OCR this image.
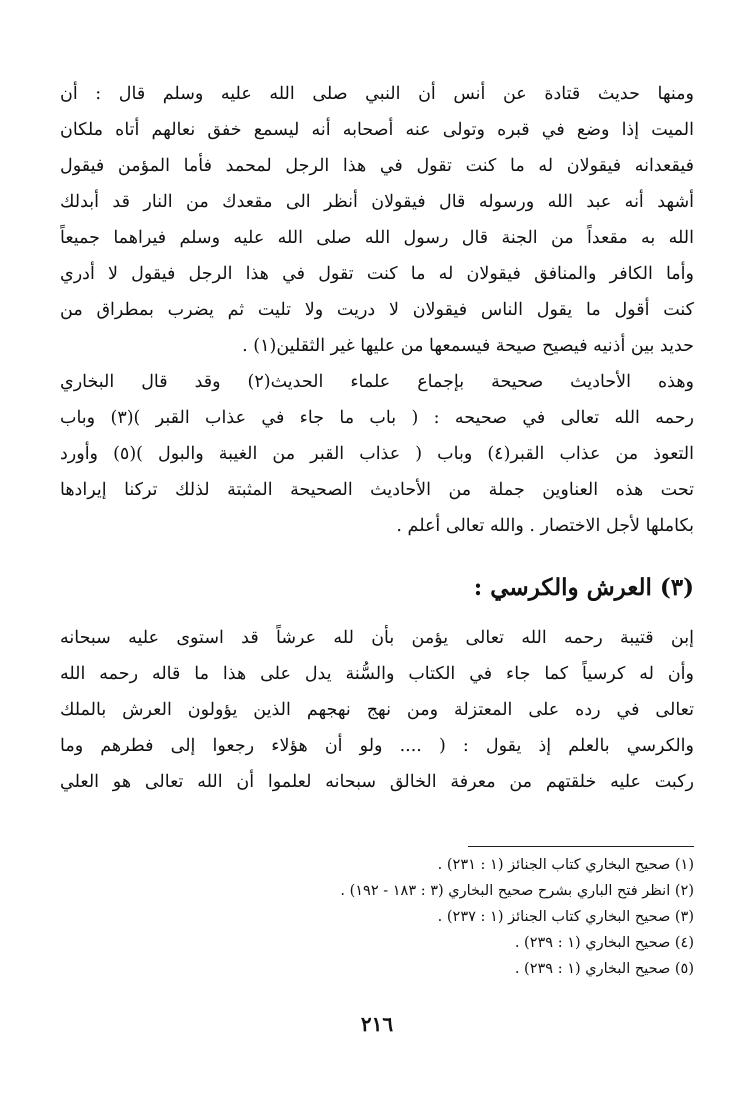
ومنها حديث قتادة عن أنس أن النبي صلى الله عليه وسلم قال : أن
الميت إذا وضع في قبره وتولى عنه أصحابه أنه ليسمع خفق نعالهم أتاه ملكان
فيقعدانه فيقولان له ما كنت تقول في هذا الرجل لمحمد فأما المؤمن فيقول
أشهد أنه عبد الله ورسوله قال فيقولان أنظر الى مقعدك من النار قد أبدلك
الله به مقعداً من الجنة قال رسول الله صلى الله عليه وسلم فيراهما جميعاً
وأما الكافر والمنافق فيقولان له ما كنت تقول في هذا الرجل فيقول لا أدري
كنت أقول ما يقول الناس فيقولان لا دريت ولا تليت ثم يضرب بمطراق من
حديد بين أذنيه فيصيح صيحة فيسمعها من عليها غير الثقلين(١) .
وهذه الأحاديث صحيحة بإجماع علماء الحديث(٢) وقد قال البخاري
رحمه الله تعالى في صحيحه : ( باب ما جاء في عذاب القبر )(٣) وباب
التعوذ من عذاب القبر(٤) وباب ( عذاب القبر من الغيبة والبول )(٥) وأورد
تحت هذه العناوين جملة من الأحاديث الصحيحة المثبتة لذلك تركنا إيرادها
بكاملها لأجل الاختصار . والله تعالى أعلم .
(٣) العرش والكرسي :
إبن قتيبة رحمه الله تعالى يؤمن بأن لله عرشاً قد استوى عليه سبحانه
وأن له كرسياً كما جاء في الكتاب والسُّنة يدل على هذا ما قاله رحمه الله
تعالى في رده على المعتزلة ومن نهج نهجهم الذين يؤولون العرش بالملك
والكرسي بالعلم إذ يقول : ( .... ولو أن هؤلاء رجعوا إلى فطرهم وما
ركبت عليه خلقتهم من معرفة الخالق سبحانه لعلموا أن الله تعالى هو العلي
(١) صحيح البخاري كتاب الجنائز (١ : ٢٣١) .
(٢) انظر فتح الباري بشرح صحيح البخاري (٣ : ١٨٣ - ١٩٢) .
(٣) صحيح البخاري كتاب الجنائز (١ : ٢٣٧) .
(٤) صحيح البخاري (١ : ٢٣٩) .
(٥) صحيح البخاري (١ : ٢٣٩) .
٢١٦
